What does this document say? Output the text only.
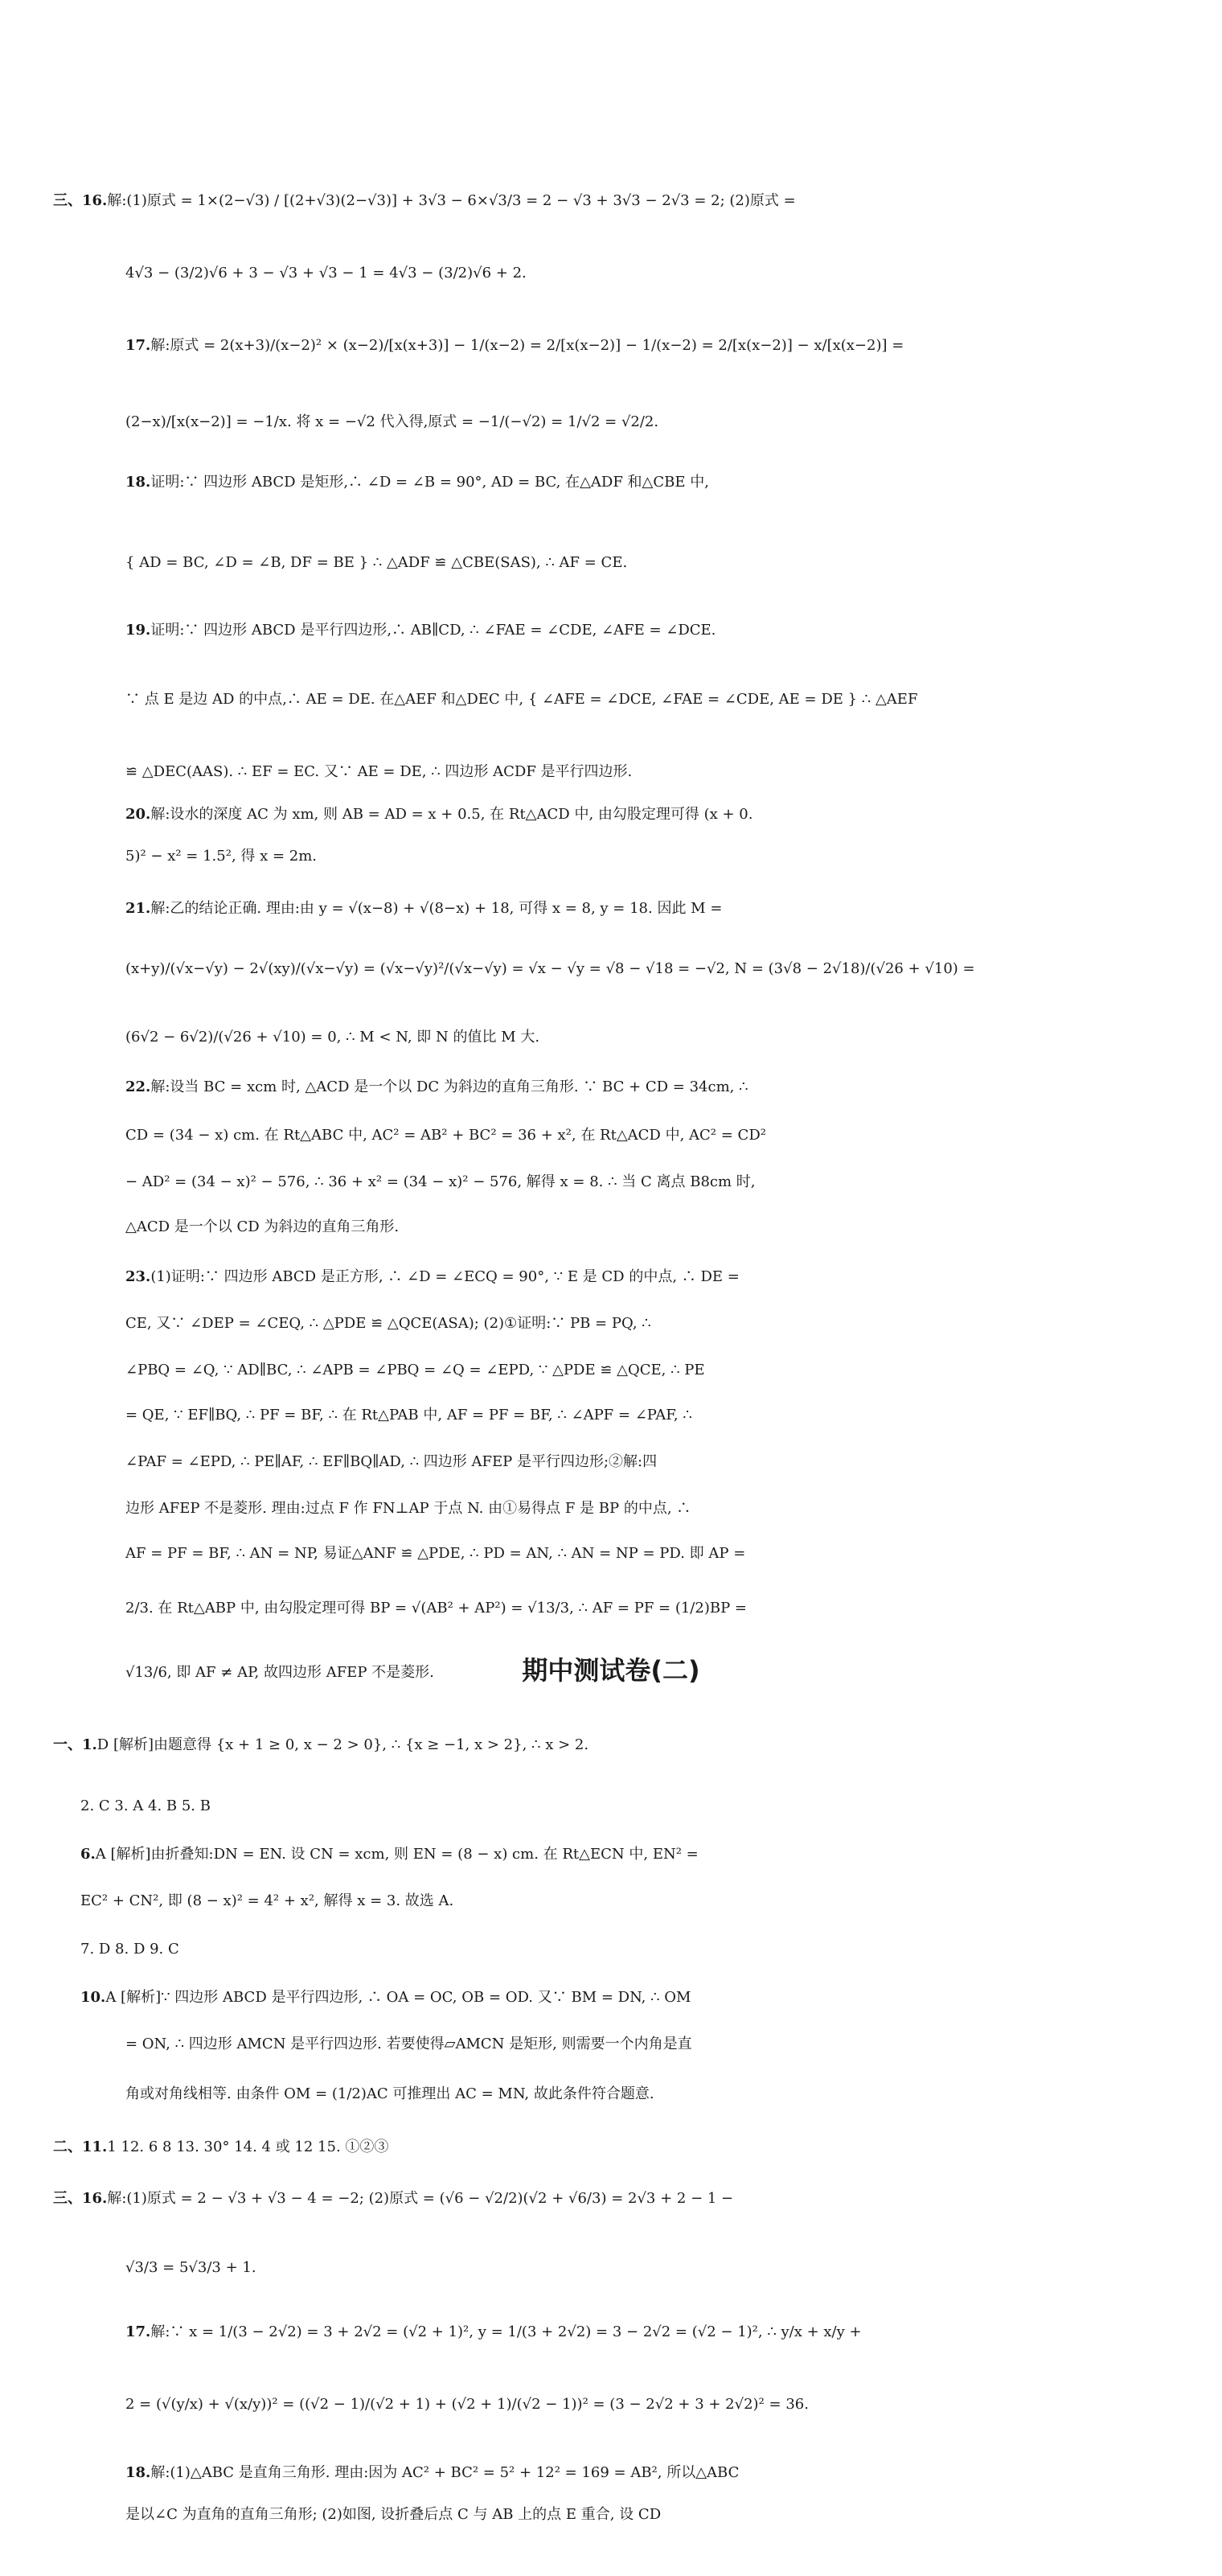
期中测试卷(二)
三、16.解:(1)原式 = 1×(2−√3) / [(2+√3)(2−√3)] + 3√3 − 6×√3/3 = 2 − √3 + 3√3 − 2√3 = 2; (2)原式 =
4√3 − (3/2)√6 + 3 − √3 + √3 − 1 = 4√3 − (3/2)√6 + 2.
17.解:原式 = 2(x+3)/(x−2)² × (x−2)/[x(x+3)] − 1/(x−2) = 2/[x(x−2)] − 1/(x−2) = 2/[x(x−2)] − x/[x(x−2)] =
(2−x)/[x(x−2)] = −1/x. 将 x = −√2 代入得,原式 = −1/(−√2) = 1/√2 = √2/2.
18.证明:∵ 四边形 ABCD 是矩形,∴ ∠D = ∠B = 90°, AD = BC, 在△ADF 和△CBE 中,
{ AD = BC, ∠D = ∠B, DF = BE } ∴ △ADF ≌ △CBE(SAS), ∴ AF = CE.
19.证明:∵ 四边形 ABCD 是平行四边形,∴ AB∥CD, ∴ ∠FAE = ∠CDE, ∠AFE = ∠DCE.
∵ 点 E 是边 AD 的中点,∴ AE = DE. 在△AEF 和△DEC 中, { ∠AFE = ∠DCE, ∠FAE = ∠CDE, AE = DE } ∴ △AEF
≌ △DEC(AAS). ∴ EF = EC. 又∵ AE = DE, ∴ 四边形 ACDF 是平行四边形.
20.解:设水的深度 AC 为 xm, 则 AB = AD = x + 0.5, 在 Rt△ACD 中, 由勾股定理可得 (x + 0.
5)² − x² = 1.5², 得 x = 2m.
21.解:乙的结论正确. 理由:由 y = √(x−8) + √(8−x) + 18, 可得 x = 8, y = 18. 因此 M =
(x+y)/(√x−√y) − 2√(xy)/(√x−√y) = (√x−√y)²/(√x−√y) = √x − √y = √8 − √18 = −√2, N = (3√8 − 2√18)/(√26 + √10) =
(6√2 − 6√2)/(√26 + √10) = 0, ∴ M < N, 即 N 的值比 M 大.
22.解:设当 BC = xcm 时, △ACD 是一个以 DC 为斜边的直角三角形. ∵ BC + CD = 34cm, ∴
CD = (34 − x) cm. 在 Rt△ABC 中, AC² = AB² + BC² = 36 + x², 在 Rt△ACD 中, AC² = CD²
− AD² = (34 − x)² − 576, ∴ 36 + x² = (34 − x)² − 576, 解得 x = 8. ∴ 当 C 离点 B8cm 时,
△ACD 是一个以 CD 为斜边的直角三角形.
23.(1)证明:∵ 四边形 ABCD 是正方形, ∴ ∠D = ∠ECQ = 90°, ∵ E 是 CD 的中点, ∴ DE =
CE, 又∵ ∠DEP = ∠CEQ, ∴ △PDE ≌ △QCE(ASA); (2)①证明:∵ PB = PQ, ∴
∠PBQ = ∠Q, ∵ AD∥BC, ∴ ∠APB = ∠PBQ = ∠Q = ∠EPD, ∵ △PDE ≌ △QCE, ∴ PE
= QE, ∵ EF∥BQ, ∴ PF = BF, ∴ 在 Rt△PAB 中, AF = PF = BF, ∴ ∠APF = ∠PAF, ∴
∠PAF = ∠EPD, ∴ PE∥AF, ∴ EF∥BQ∥AD, ∴ 四边形 AFEP 是平行四边形;②解:四
边形 AFEP 不是菱形. 理由:过点 F 作 FN⊥AP 于点 N. 由①易得点 F 是 BP 的中点, ∴
AF = PF = BF, ∴ AN = NP, 易证△ANF ≌ △PDE, ∴ PD = AN, ∴ AN = NP = PD. 即 AP =
2/3. 在 Rt△ABP 中, 由勾股定理可得 BP = √(AB² + AP²) = √13/3, ∴ AF = PF = (1/2)BP =
√13/6, 即 AF ≠ AP, 故四边形 AFEP 不是菱形.
一、1.D [解析]由题意得 {x + 1 ≥ 0, x − 2 > 0}, ∴ {x ≥ −1, x > 2}, ∴ x > 2.
2. C 3. A 4. B 5. B
6.A [解析]由折叠知:DN = EN. 设 CN = xcm, 则 EN = (8 − x) cm. 在 Rt△ECN 中, EN² =
EC² + CN², 即 (8 − x)² = 4² + x², 解得 x = 3. 故选 A.
7. D 8. D 9. C
10.A [解析]∵ 四边形 ABCD 是平行四边形, ∴ OA = OC, OB = OD. 又∵ BM = DN, ∴ OM
= ON, ∴ 四边形 AMCN 是平行四边形. 若要使得▱AMCN 是矩形, 则需要一个内角是直
角或对角线相等. 由条件 OM = (1/2)AC 可推理出 AC = MN, 故此条件符合题意.
二、11.1 12. 6 8 13. 30° 14. 4 或 12 15. ①②③
三、16.解:(1)原式 = 2 − √3 + √3 − 4 = −2; (2)原式 = (√6 − √2/2)(√2 + √6/3) = 2√3 + 2 − 1 −
√3/3 = 5√3/3 + 1.
17.解:∵ x = 1/(3 − 2√2) = 3 + 2√2 = (√2 + 1)², y = 1/(3 + 2√2) = 3 − 2√2 = (√2 − 1)², ∴ y/x + x/y +
2 = (√(y/x) + √(x/y))² = ((√2 − 1)/(√2 + 1) + (√2 + 1)/(√2 − 1))² = (3 − 2√2 + 3 + 2√2)² = 36.
18.解:(1)△ABC 是直角三角形. 理由:因为 AC² + BC² = 5² + 12² = 169 = AB², 所以△ABC
是以∠C 为直角的直角三角形; (2)如图, 设折叠后点 C 与 AB 上的点 E 重合, 设 CD
